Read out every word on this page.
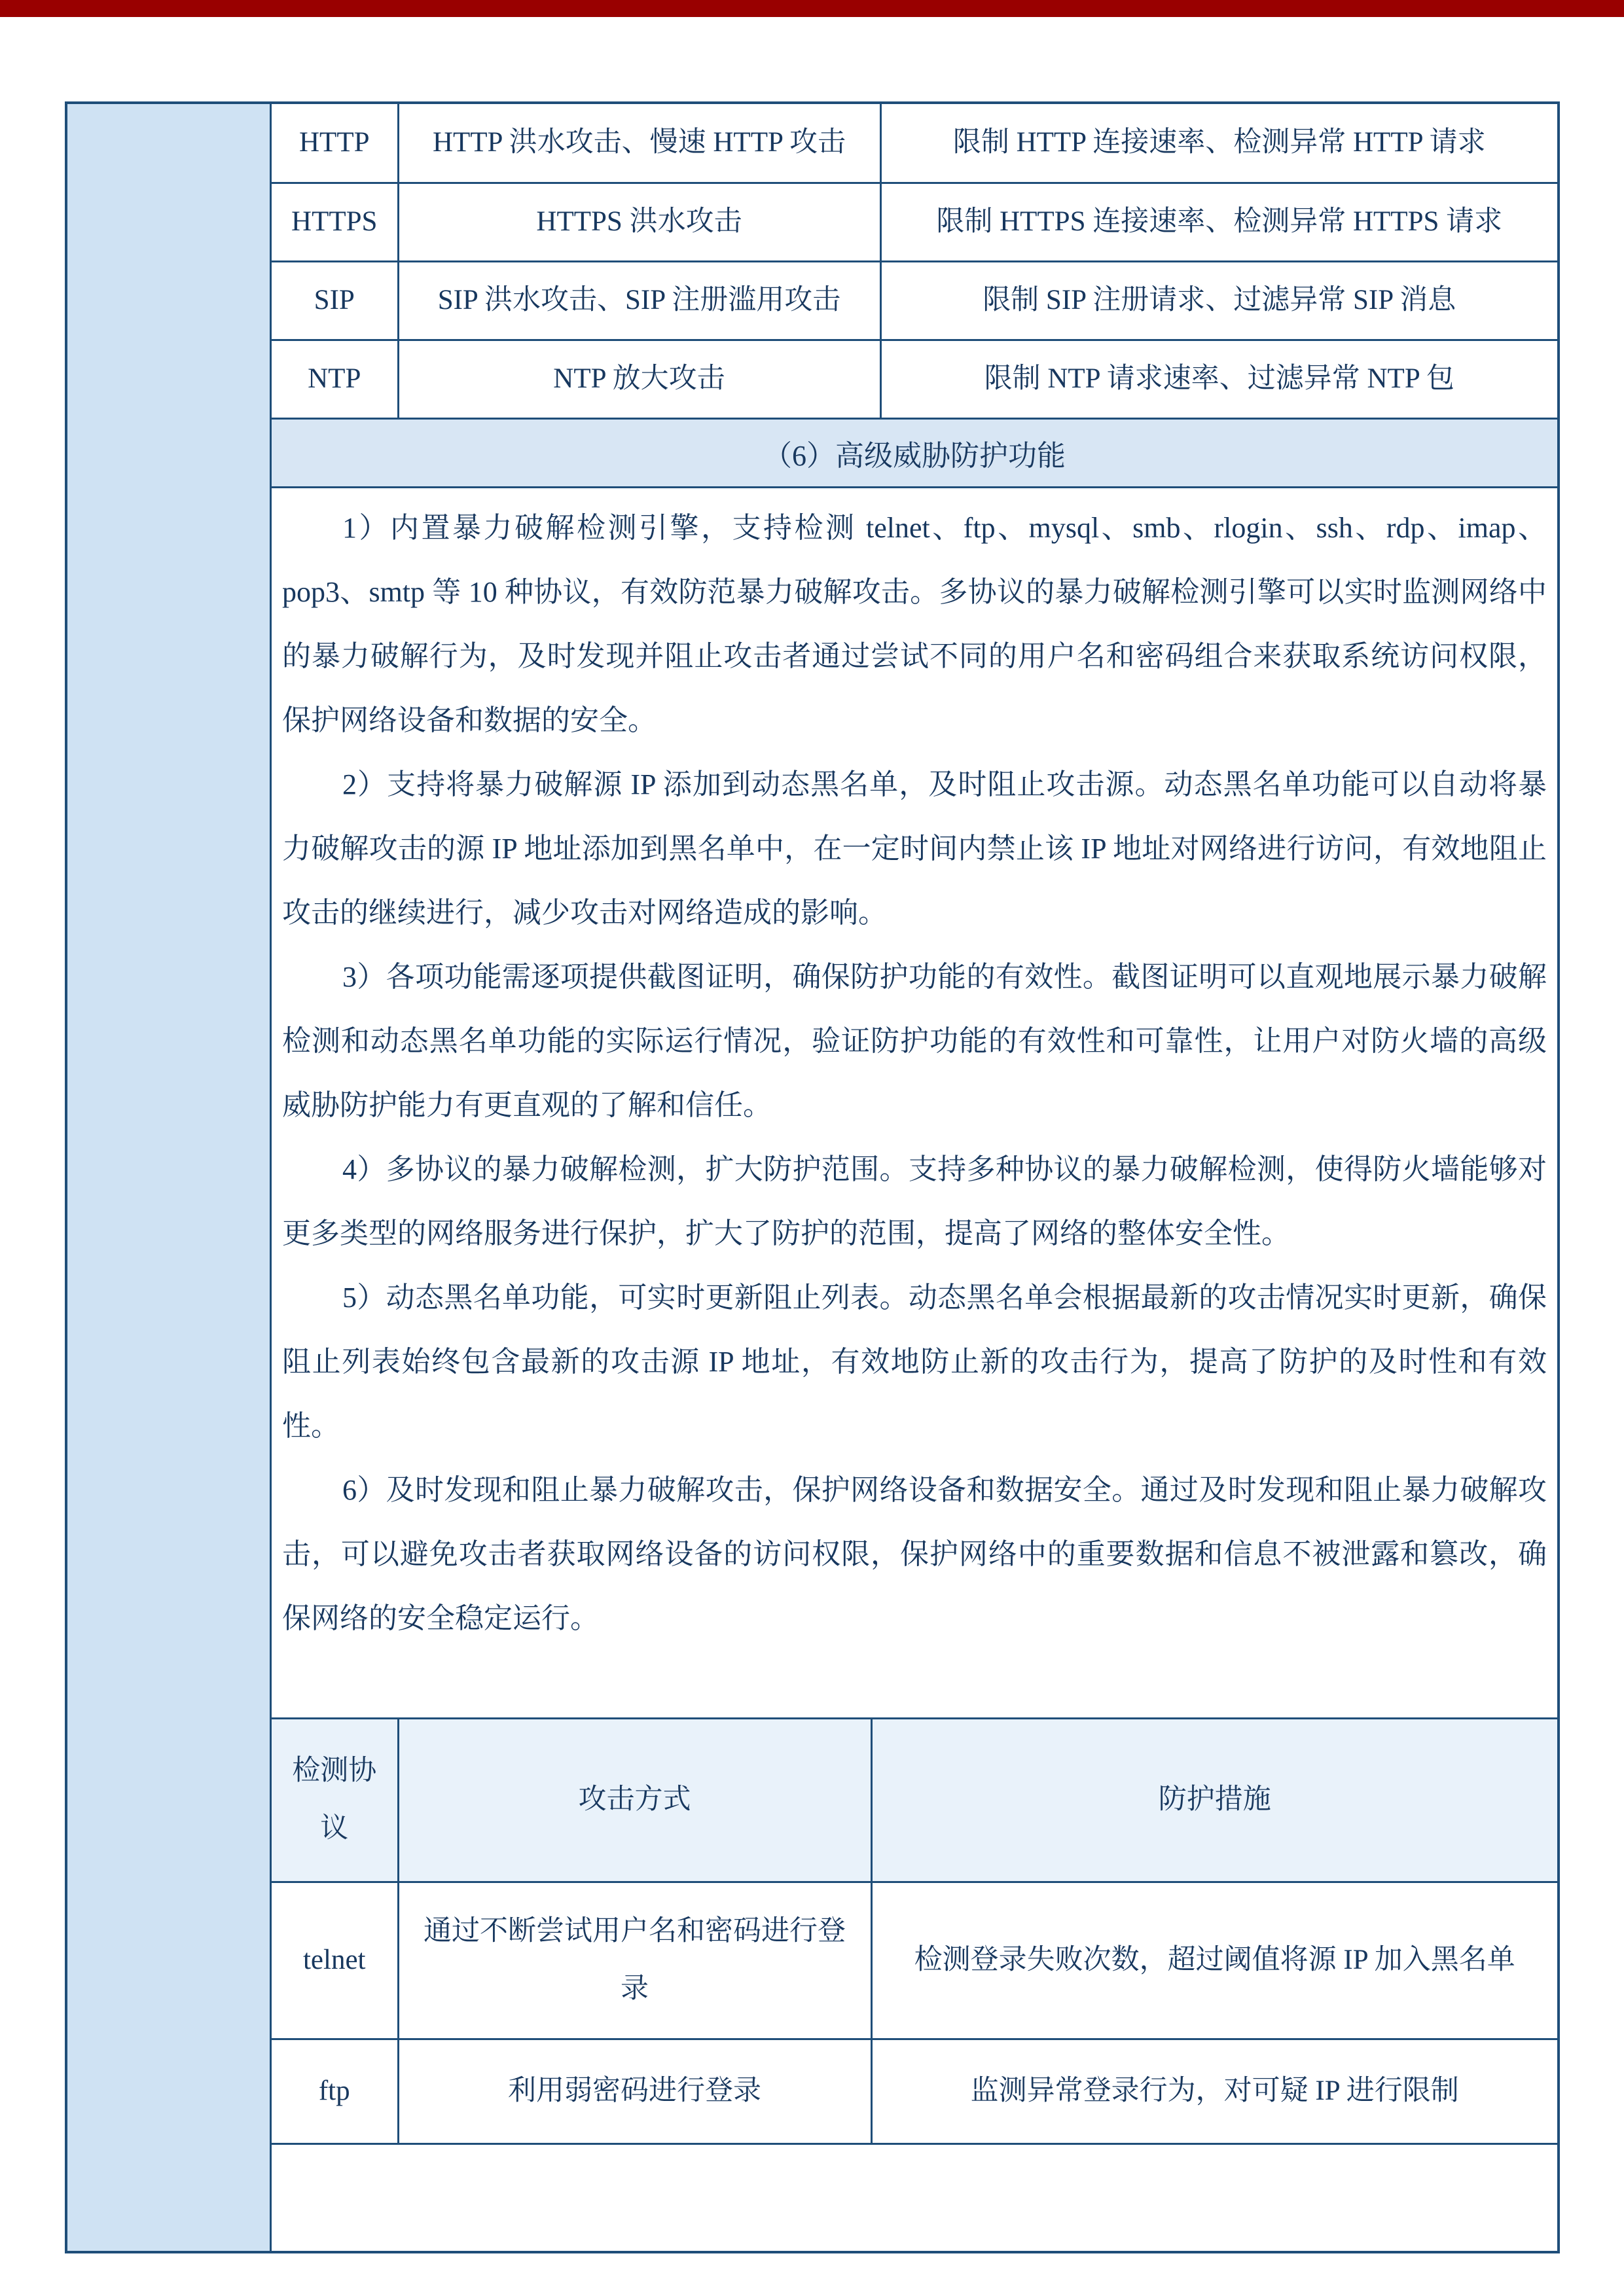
HTTP	HTTP 洪水攻击、慢速 HTTP 攻击	限制 HTTP 连接速率、检测异常 HTTP 请求
HTTPS	HTTPS 洪水攻击	限制 HTTPS 连接速率、检测异常 HTTPS 请求
SIP	SIP 洪水攻击、SIP 注册滥用攻击	限制 SIP 注册请求、过滤异常 SIP 消息
NTP	NTP 放大攻击	限制 NTP 请求速率、过滤异常 NTP 包
（6）高级威胁防护功能

1）内置暴力破解检测引擎，支持检测 telnet、ftp、mysql、smb、rlogin、ssh、rdp、imap、pop3、smtp 等 10 种协议，有效防范暴力破解攻击。多协议的暴力破解检测引擎可以实时监测网络中的暴力破解行为，及时发现并阻止攻击者通过尝试不同的用户名和密码组合来获取系统访问权限，保护网络设备和数据的安全。

2）支持将暴力破解源 IP 添加到动态黑名单，及时阻止攻击源。动态黑名单功能可以自动将暴力破解攻击的源 IP 地址添加到黑名单中，在一定时间内禁止该 IP 地址对网络进行访问，有效地阻止攻击的继续进行，减少攻击对网络造成的影响。

3）各项功能需逐项提供截图证明，确保防护功能的有效性。截图证明可以直观地展示暴力破解检测和动态黑名单功能的实际运行情况，验证防护功能的有效性和可靠性，让用户对防火墙的高级威胁防护能力有更直观的了解和信任。

4）多协议的暴力破解检测，扩大防护范围。支持多种协议的暴力破解检测，使得防火墙能够对更多类型的网络服务进行保护，扩大了防护的范围，提高了网络的整体安全性。

5）动态黑名单功能，可实时更新阻止列表。动态黑名单会根据最新的攻击情况实时更新，确保阻止列表始终包含最新的攻击源 IP 地址，有效地防止新的攻击行为，提高了防护的及时性和有效性。

6）及时发现和阻止暴力破解攻击，保护网络设备和数据安全。通过及时发现和阻止暴力破解攻击，可以避免攻击者获取网络设备的访问权限，保护网络中的重要数据和信息不被泄露和篡改，确保网络的安全稳定运行。

检测协议	攻击方式	防护措施
telnet	通过不断尝试用户名和密码进行登录	检测登录失败次数，超过阈值将源 IP 加入黑名单
ftp	利用弱密码进行登录	监测异常登录行为，对可疑 IP 进行限制
